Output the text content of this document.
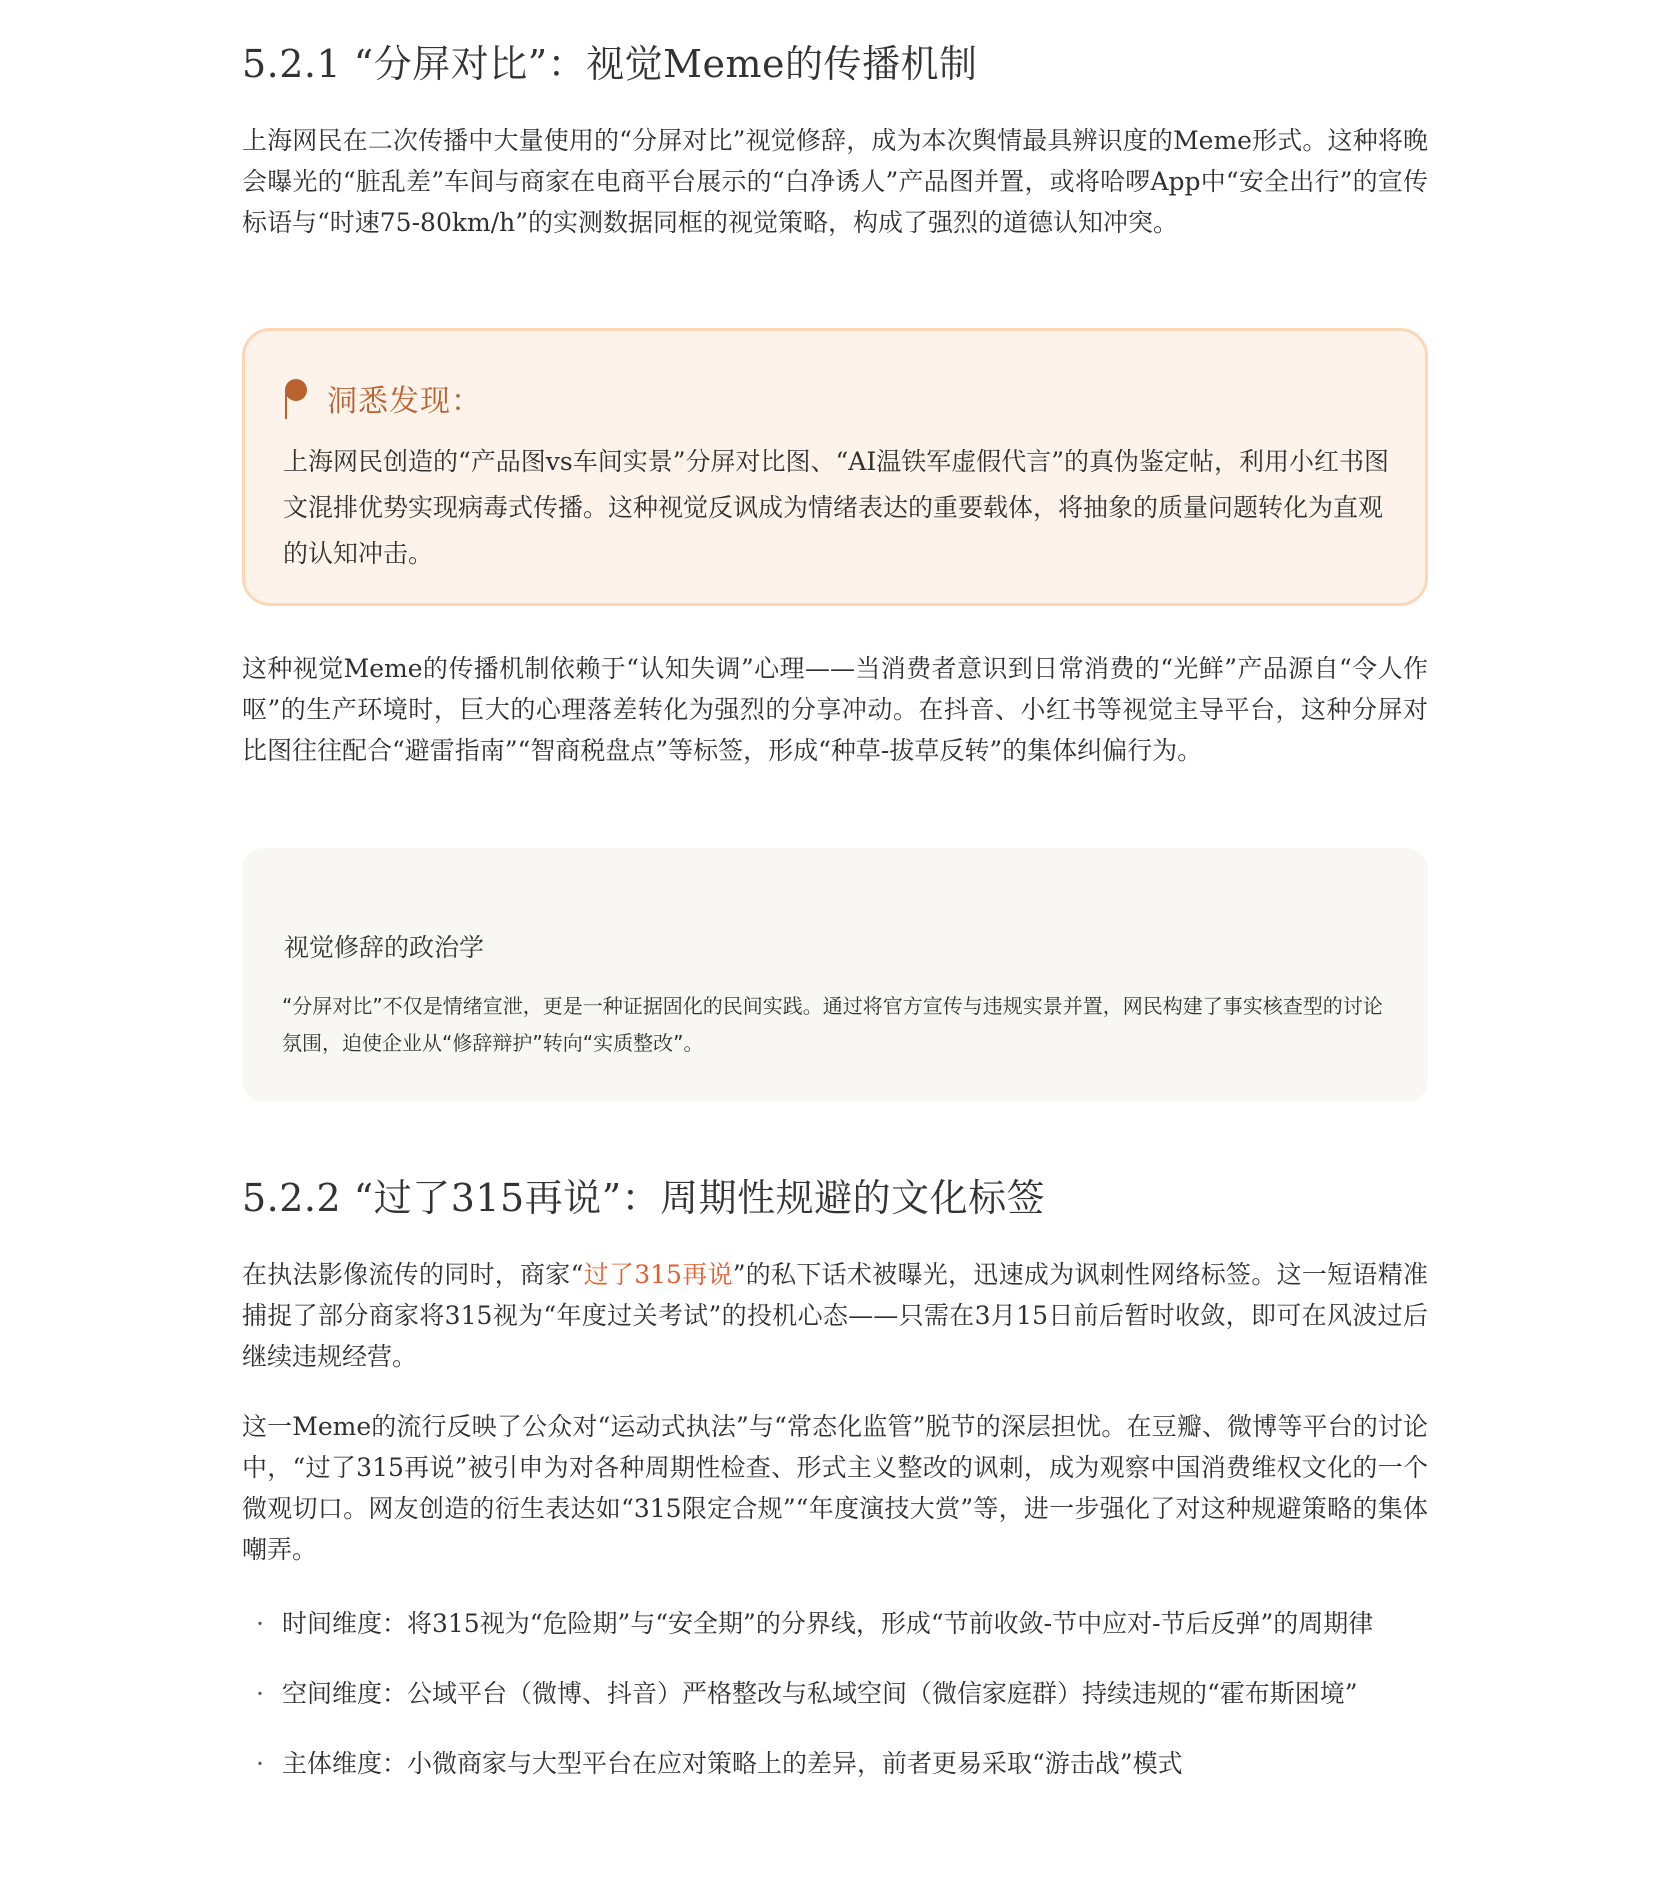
5.2.1 “分屏对比”：视觉Meme的传播机制

上海网民在二次传播中大量使用的“分屏对比”视觉修辞，成为本次舆情最具辨识度的Meme形式。这种将晚会曝光的“脏乱差”车间与商家在电商平台展示的“白净诱人”产品图并置，或将哈啰App中“安全出行”的宣传标语与“时速75-80km/h”的实测数据同框的视觉策略，构成了强烈的道德认知冲突。

洞悉发现：
上海网民创造的“产品图vs车间实景”分屏对比图、“AI温铁军虚假代言”的真伪鉴定帖，利用小红书图文混排优势实现病毒式传播。这种视觉反讽成为情绪表达的重要载体，将抽象的质量问题转化为直观的认知冲击。

这种视觉Meme的传播机制依赖于“认知失调”心理——当消费者意识到日常消费的“光鲜”产品源自“令人作呕”的生产环境时，巨大的心理落差转化为强烈的分享冲动。在抖音、小红书等视觉主导平台，这种分屏对比图往往配合“避雷指南”“智商税盘点”等标签，形成“种草-拔草反转”的集体纠偏行为。

视觉修辞的政治学
“分屏对比”不仅是情绪宣泄，更是一种证据固化的民间实践。通过将官方宣传与违规实景并置，网民构建了事实核查型的讨论氛围，迫使企业从“修辞辩护”转向“实质整改”。
5.2.2 “过了315再说”：周期性规避的文化标签

在执法影像流传的同时，商家“过了315再说”的私下话术被曝光，迅速成为讽刺性网络标签。这一短语精准捕捉了部分商家将315视为“年度过关考试”的投机心态——只需在3月15日前后暂时收敛，即可在风波过后继续违规经营。

这一Meme的流行反映了公众对“运动式执法”与“常态化监管”脱节的深层担忧。在豆瓣、微博等平台的讨论中，“过了315再说”被引申为对各种周期性检查、形式主义整改的讽刺，成为观察中国消费维权文化的一个微观切口。网友创造的衍生表达如“315限定合规”“年度演技大赏”等，进一步强化了对这种规避策略的集体嘲弄。

· 时间维度：将315视为“危险期”与“安全期”的分界线，形成“节前收敛-节中应对-节后反弹”的周期律
· 空间维度：公域平台（微博、抖音）严格整改与私域空间（微信家庭群）持续违规的“霍布斯困境”
· 主体维度：小微商家与大型平台在应对策略上的差异，前者更易采取“游击战”模式
